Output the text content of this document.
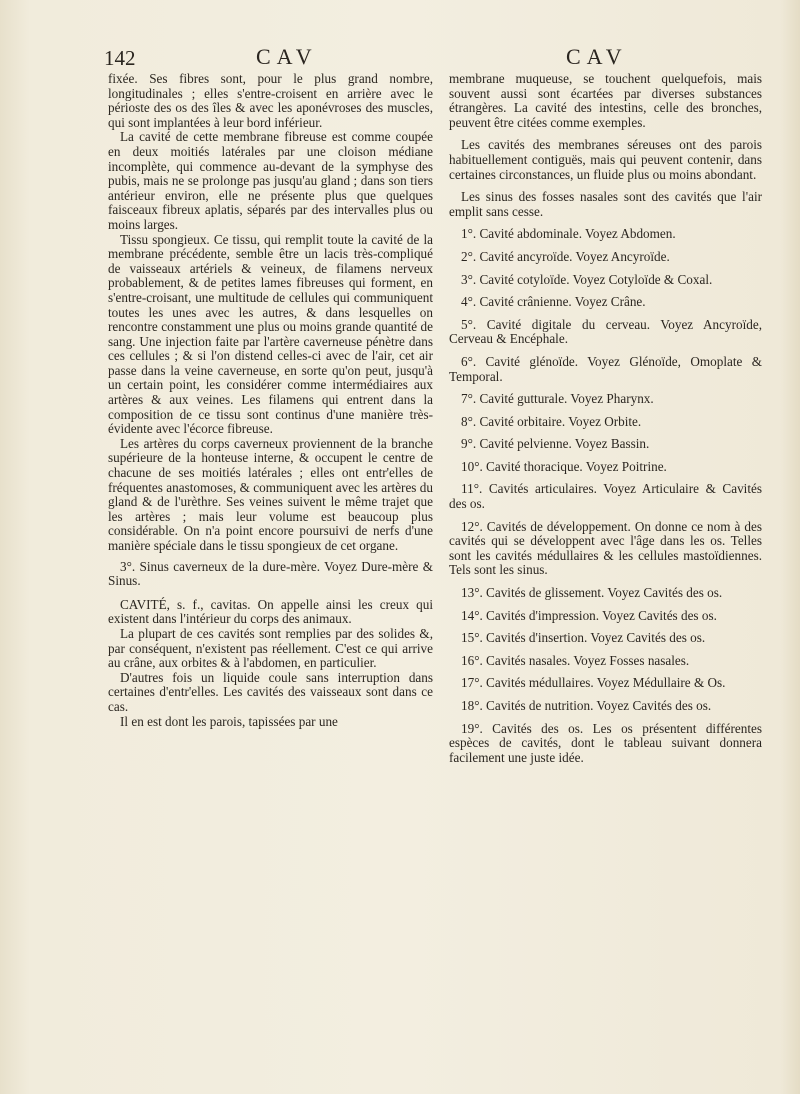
142	CAV	CAV

fixée. Ses fibres sont, pour le plus grand nombre, longitudinales ; elles s'entre-croisent en arrière avec le périoste des os des îles & avec les aponévroses des muscles, qui sont implantées à leur bord inférieur.

La cavité de cette membrane fibreuse est comme coupée en deux moitiés latérales par une cloison médiane incomplète, qui commence au-devant de la symphyse des pubis, mais ne se prolonge pas jusqu'au gland ; dans son tiers antérieur environ, elle ne présente plus que quelques faisceaux fibreux aplatis, séparés par des intervalles plus ou moins larges.

Tissu spongieux. Ce tissu, qui remplit toute la cavité de la membrane précédente, semble être un lacis très-compliqué de vaisseaux artériels & veineux, de filamens nerveux probablement, & de petites lames fibreuses qui forment, en s'entre-croisant, une multitude de cellules qui communiquent toutes les unes avec les autres, & dans lesquelles on rencontre constamment une plus ou moins grande quantité de sang. Une injection faite par l'artère caverneuse pénètre dans ces cellules ; & si l'on distend celles-ci avec de l'air, cet air passe dans la veine caverneuse, en sorte qu'on peut, jusqu'à un certain point, les considérer comme intermédiaires aux artères & aux veines. Les filamens qui entrent dans la composition de ce tissu sont continus d'une manière très-évidente avec l'écorce fibreuse.

Les artères du corps caverneux proviennent de la branche supérieure de la honteuse interne, & occupent le centre de chacune de ses moitiés latérales ; elles ont entr'elles de fréquentes anastomoses, & communiquent avec les artères du gland & de l'urèthre. Ses veines suivent le même trajet que les artères ; mais leur volume est beaucoup plus considérable. On n'a point encore poursuivi de nerfs d'une manière spéciale dans le tissu spongieux de cet organe.

3°. Sinus caverneux de la dure-mère. Voyez Dure-mère & Sinus.

CAVITÉ, s. f., cavitas. On appelle ainsi les creux qui existent dans l'intérieur du corps des animaux.

La plupart de ces cavités sont remplies par des solides &, par conséquent, n'existent pas réellement. C'est ce qui arrive au crâne, aux orbites & à l'abdomen, en particulier.

D'autres fois un liquide coule sans interruption dans certaines d'entr'elles. Les cavités des vaisseaux sont dans ce cas.

Il en est dont les parois, tapissées par une

membrane muqueuse, se touchent quelquefois, mais souvent aussi sont écartées par diverses substances étrangères. La cavité des intestins, celle des bronches, peuvent être citées comme exemples.

Les cavités des membranes séreuses ont des parois habituellement contiguës, mais qui peuvent contenir, dans certaines circonstances, un fluide plus ou moins abondant.

Les sinus des fosses nasales sont des cavités que l'air emplit sans cesse.

1°. Cavité abdominale. Voyez Abdomen.

2°. Cavité ancyroïde. Voyez Ancyroïde.

3°. Cavité cotyloïde. Voyez Cotyloïde & Coxal.

4°. Cavité crânienne. Voyez Crâne.

5°. Cavité digitale du cerveau. Voyez Ancyroïde, Cerveau & Encéphale.

6°. Cavité glénoïde. Voyez Glénoïde, Omoplate & Temporal.

7°. Cavité gutturale. Voyez Pharynx.

8°. Cavité orbitaire. Voyez Orbite.

9°. Cavité pelvienne. Voyez Bassin.

10°. Cavité thoracique. Voyez Poitrine.

11°. Cavités articulaires. Voyez Articulaire & Cavités des os.

12°. Cavités de développement. On donne ce nom à des cavités qui se développent avec l'âge dans les os. Telles sont les cavités médullaires & les cellules mastoïdiennes. Tels sont les sinus.

13°. Cavités de glissement. Voyez Cavités des os.

14°. Cavités d'impression. Voyez Cavités des os.

15°. Cavités d'insertion. Voyez Cavités des os.

16°. Cavités nasales. Voyez Fosses nasales.

17°. Cavités médullaires. Voyez Médullaire & Os.

18°. Cavités de nutrition. Voyez Cavités des os.

19°. Cavités des os. Les os présentent différentes espèces de cavités, dont le tableau suivant donnera facilement une juste idée.
